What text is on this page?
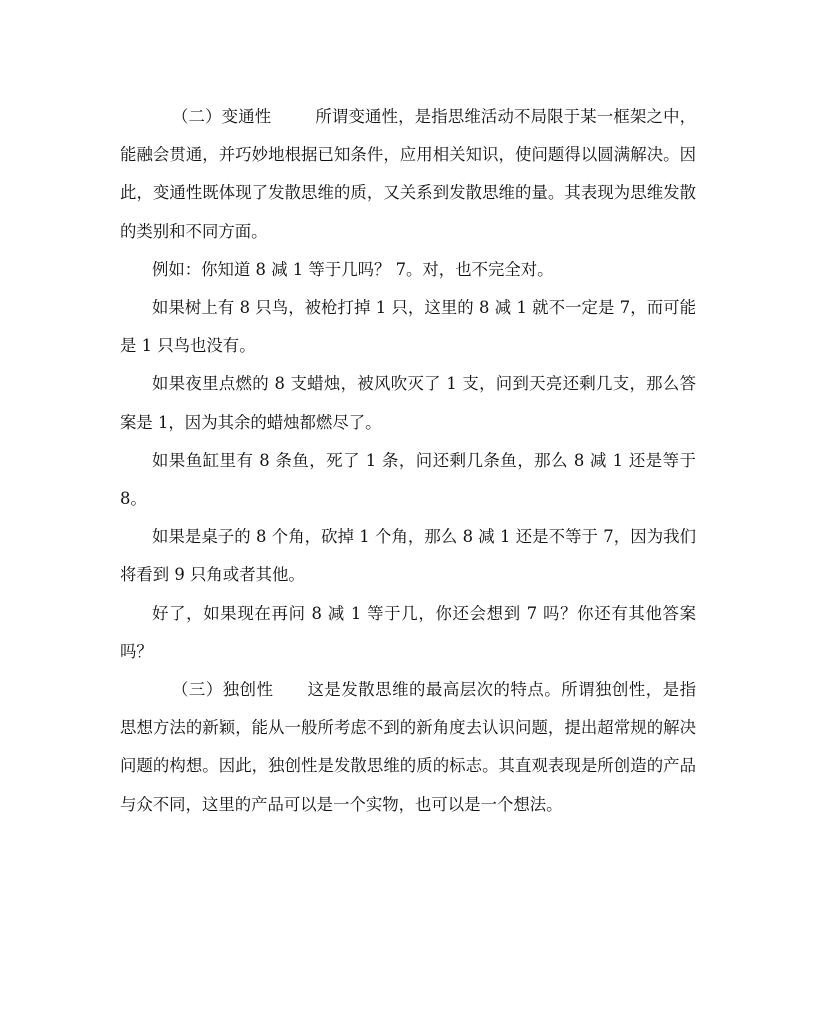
（二）变通性	所谓变通性，是指思维活动不局限于某一框架之中，能融会贯通，并巧妙地根据已知条件，应用相关知识，使问题得以圆满解决。因此，变通性既体现了发散思维的质，又关系到发散思维的量。其表现为思维发散的类别和不同方面。

例如：你知道 8 减 1 等于几吗？ 7。对，也不完全对。

如果树上有 8 只鸟，被枪打掉 1 只，这里的 8 减 1 就不一定是 7，而可能是 1 只鸟也没有。

如果夜里点燃的 8 支蜡烛，被风吹灭了 1 支，问到天亮还剩几支，那么答案是 1，因为其余的蜡烛都燃尽了。

如果鱼缸里有 8 条鱼，死了 1 条，问还剩几条鱼，那么 8 减 1 还是等于 8。

如果是桌子的 8 个角，砍掉 1 个角，那么 8 减 1 还是不等于 7，因为我们将看到 9 只角或者其他。

好了，如果现在再问 8 减 1 等于几，你还会想到 7 吗？你还有其他答案吗？

（三）独创性 这是发散思维的最高层次的特点。所谓独创性，是指思想方法的新颖，能从一般所考虑不到的新角度去认识问题，提出超常规的解决问题的构想。因此，独创性是发散思维的质的标志。其直观表现是所创造的产品与众不同，这里的产品可以是一个实物，也可以是一个想法。
